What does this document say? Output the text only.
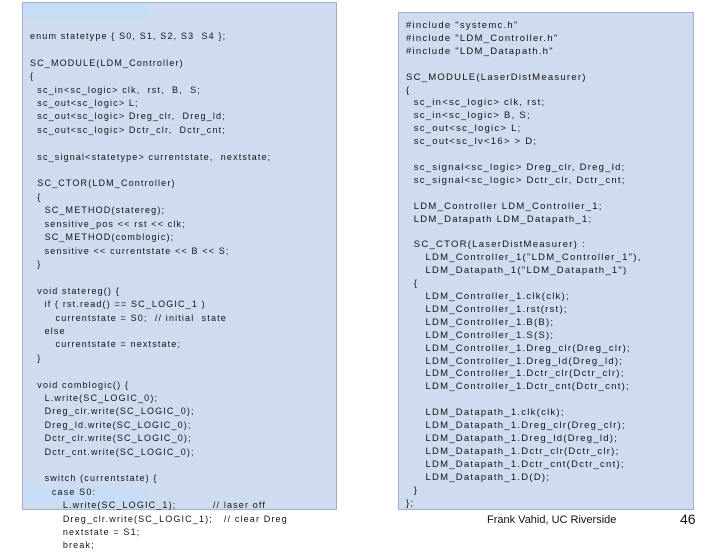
enum statetype { S0, S1, S2, S3  S4 };

SC_MODULE(LDM_Controller)
{
sc_in<sc_logic> clk,  rst,  B,  S;
sc_out<sc_logic> L;
sc_out<sc_logic> Dreg_clr,  Dreg_ld;
sc_out<sc_logic> Dctr_clr,  Dctr_cnt;

sc_signal<statetype> currentstate,  nextstate;

SC_CTOR(LDM_Controller)
{
SC_METHOD(statereg);
sensitive_pos << rst << clk;
SC_METHOD(comblogic);
sensitive << currentstate << B << S;
}

void statereg() {
if ( rst.read() == SC_LOGIC_1 )
currentstate = S0;  // initial  state
else
currentstate = nextstate;
}

void comblogic() {
L.write(SC_LOGIC_0);
Dreg_clr.write(SC_LOGIC_0);
Dreg_ld.write(SC_LOGIC_0);
Dctr_clr.write(SC_LOGIC_0);
Dctr_cnt.write(SC_LOGIC_0);

switch (currentstate) {
case S0:
L.write(SC_LOGIC_1);          // laser off
Dreg_clr.write(SC_LOGIC_1);   // clear Dreg
nextstate = S1;
break;
#include "systemc.h"
#include "LDM_Controller.h"
#include "LDM_Datapath.h"

SC_MODULE(LaserDistMeasurer)
{
sc_in<sc_logic> clk, rst;
sc_in<sc_logic> B, S;
sc_out<sc_logic> L;
sc_out<sc_lv<16> > D;

sc_signal<sc_logic> Dreg_clr, Dreg_ld;
sc_signal<sc_logic> Dctr_clr, Dctr_cnt;

LDM_Controller LDM_Controller_1;
LDM_Datapath LDM_Datapath_1;

SC_CTOR(LaserDistMeasurer) :
LDM_Controller_1("LDM_Controller_1"),
LDM_Datapath_1("LDM_Datapath_1")
{
LDM_Controller_1.clk(clk);
LDM_Controller_1.rst(rst);
LDM_Controller_1.B(B);
LDM_Controller_1.S(S);
LDM_Controller_1.Dreg_clr(Dreg_clr);
LDM_Controller_1.Dreg_ld(Dreg_ld);
LDM_Controller_1.Dctr_clr(Dctr_clr);
LDM_Controller_1.Dctr_cnt(Dctr_cnt);

LDM_Datapath_1.clk(clk);
LDM_Datapath_1.Dreg_clr(Dreg_clr);
LDM_Datapath_1.Dreg_ld(Dreg_ld);
LDM_Datapath_1.Dctr_clr(Dctr_clr);
LDM_Datapath_1.Dctr_cnt(Dctr_cnt);
LDM_Datapath_1.D(D);
}
};
Frank Vahid, UC Riverside	46
